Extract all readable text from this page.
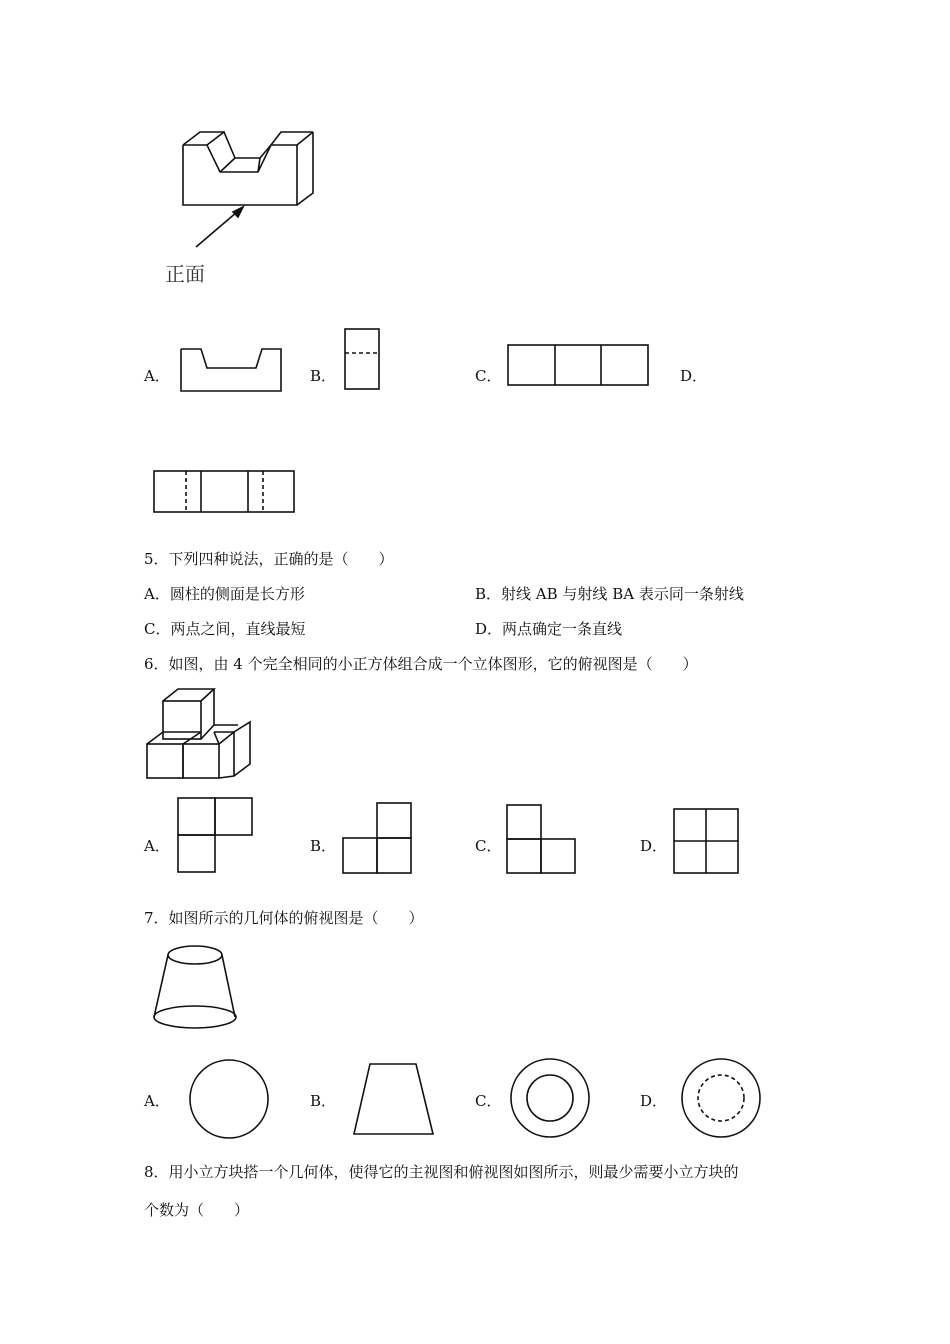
正面
A．	B．	C．	D．
5．下列四种说法，正确的是（　　）
A．圆柱的侧面是长方形	B．射线 AB 与射线 BA 表示同一条射线
C．两点之间，直线最短	D．两点确定一条直线
6．如图，由 4 个完全相同的小正方体组合成一个立体图形，它的俯视图是（　　）
A．	B．	C．	D．
7．如图所示的几何体的俯视图是（　　）
A．	B．	C．	D．
8．用小立方块搭一个几何体，使得它的主视图和俯视图如图所示，则最少需要小立方块的
个数为（　　）
